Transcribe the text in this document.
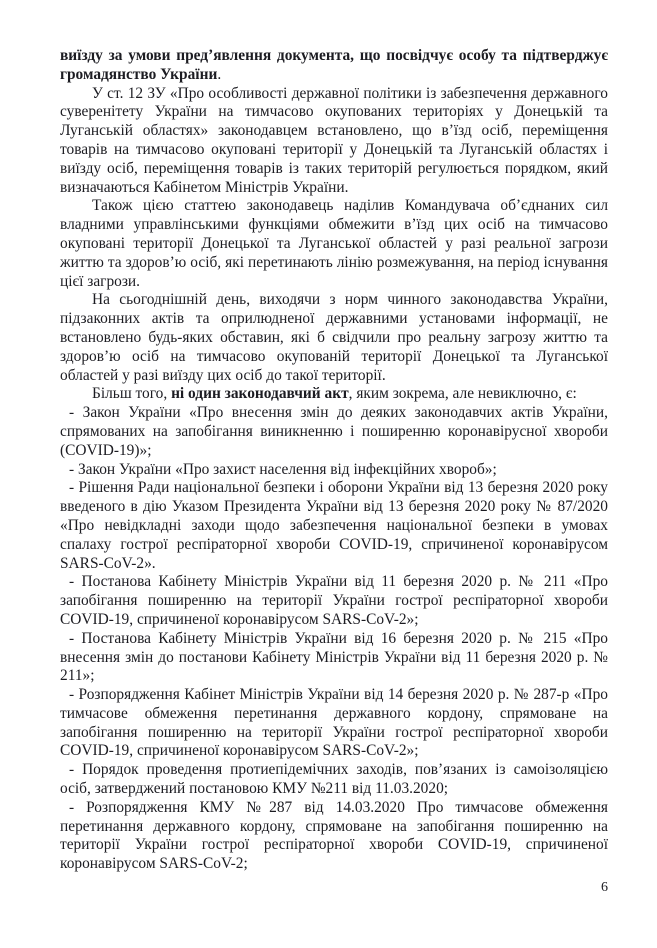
виїзду за умови пред’явлення документа, що посвідчує особу та підтверджує громадянство України.

У ст. 12 ЗУ «Про особливості державної політики із забезпечення державного суверенітету України на тимчасово окупованих територіях у Донецькій та Луганській областях» законодавцем встановлено, що в’їзд осіб, переміщення товарів на тимчасово окуповані території у Донецькій та Луганській областях і виїзду осіб, переміщення товарів із таких територій регулюється порядком, який визначаються Кабінетом Міністрів України.

Також цією статтею законодавець наділив Командувача об’єднаних сил владними управлінськими функціями обмежити в’їзд цих осіб на тимчасово окуповані території Донецької та Луганської областей у разі реальної загрози життю та здоров’ю осіб, які перетинають лінію розмежування, на період існування цієї загрози.

На сьогоднішній день, виходячи з норм чинного законодавства України, підзаконних актів та оприлюдненої державними установами інформації, не встановлено будь-яких обставин, які б свідчили про реальну загрозу життю та здоров’ю осіб на тимчасово окупованій території Донецької та Луганської областей у разі виїзду цих осіб до такої території.

Більш того, ні один законодавчий акт, яким зокрема, але невиключно, є:

- Закон України «Про внесення змін до деяких законодавчих актів України, спрямованих на запобігання виникненню і поширенню коронавірусної хвороби (COVID-19)»;

- Закон України «Про захист населення від інфекційних хвороб»;

- Рішення Ради національної безпеки і оборони України від 13 березня 2020 року введеного в дію Указом Президента України від 13 березня 2020 року № 87/2020 «Про невідкладні заходи щодо забезпечення національної безпеки в умовах спалаху гострої респіраторної хвороби COVID-19, спричиненої коронавірусом SARS-CoV-2».

- Постанова Кабінету Міністрів України від 11 березня 2020 р. № 211 «Про запобігання поширенню на території України гострої респіраторної хвороби COVID-19, спричиненої коронавірусом SARS-CoV-2»;

- Постанова Кабінету Міністрів України від 16 березня 2020 р. № 215 «Про внесення змін до постанови Кабінету Міністрів України від 11 березня 2020 р. № 211»;

- Розпорядження Кабінет Міністрів України від 14 березня 2020 р. № 287-р «Про тимчасове обмеження перетинання державного кордону, спрямоване на запобігання поширенню на території України гострої респіраторної хвороби COVID-19, спричиненої коронавірусом SARS-CoV-2»;

- Порядок проведення протиепідемічних заходів, пов’язаних із самоізоляцією осіб, затверджений постановою КМУ №211 від 11.03.2020;

- Розпорядження КМУ №287 від 14.03.2020 Про тимчасове обмеження перетинання державного кордону, спрямоване на запобігання поширенню на території України гострої респіраторної хвороби COVID-19, спричиненої коронавірусом SARS-CoV-2;

6
